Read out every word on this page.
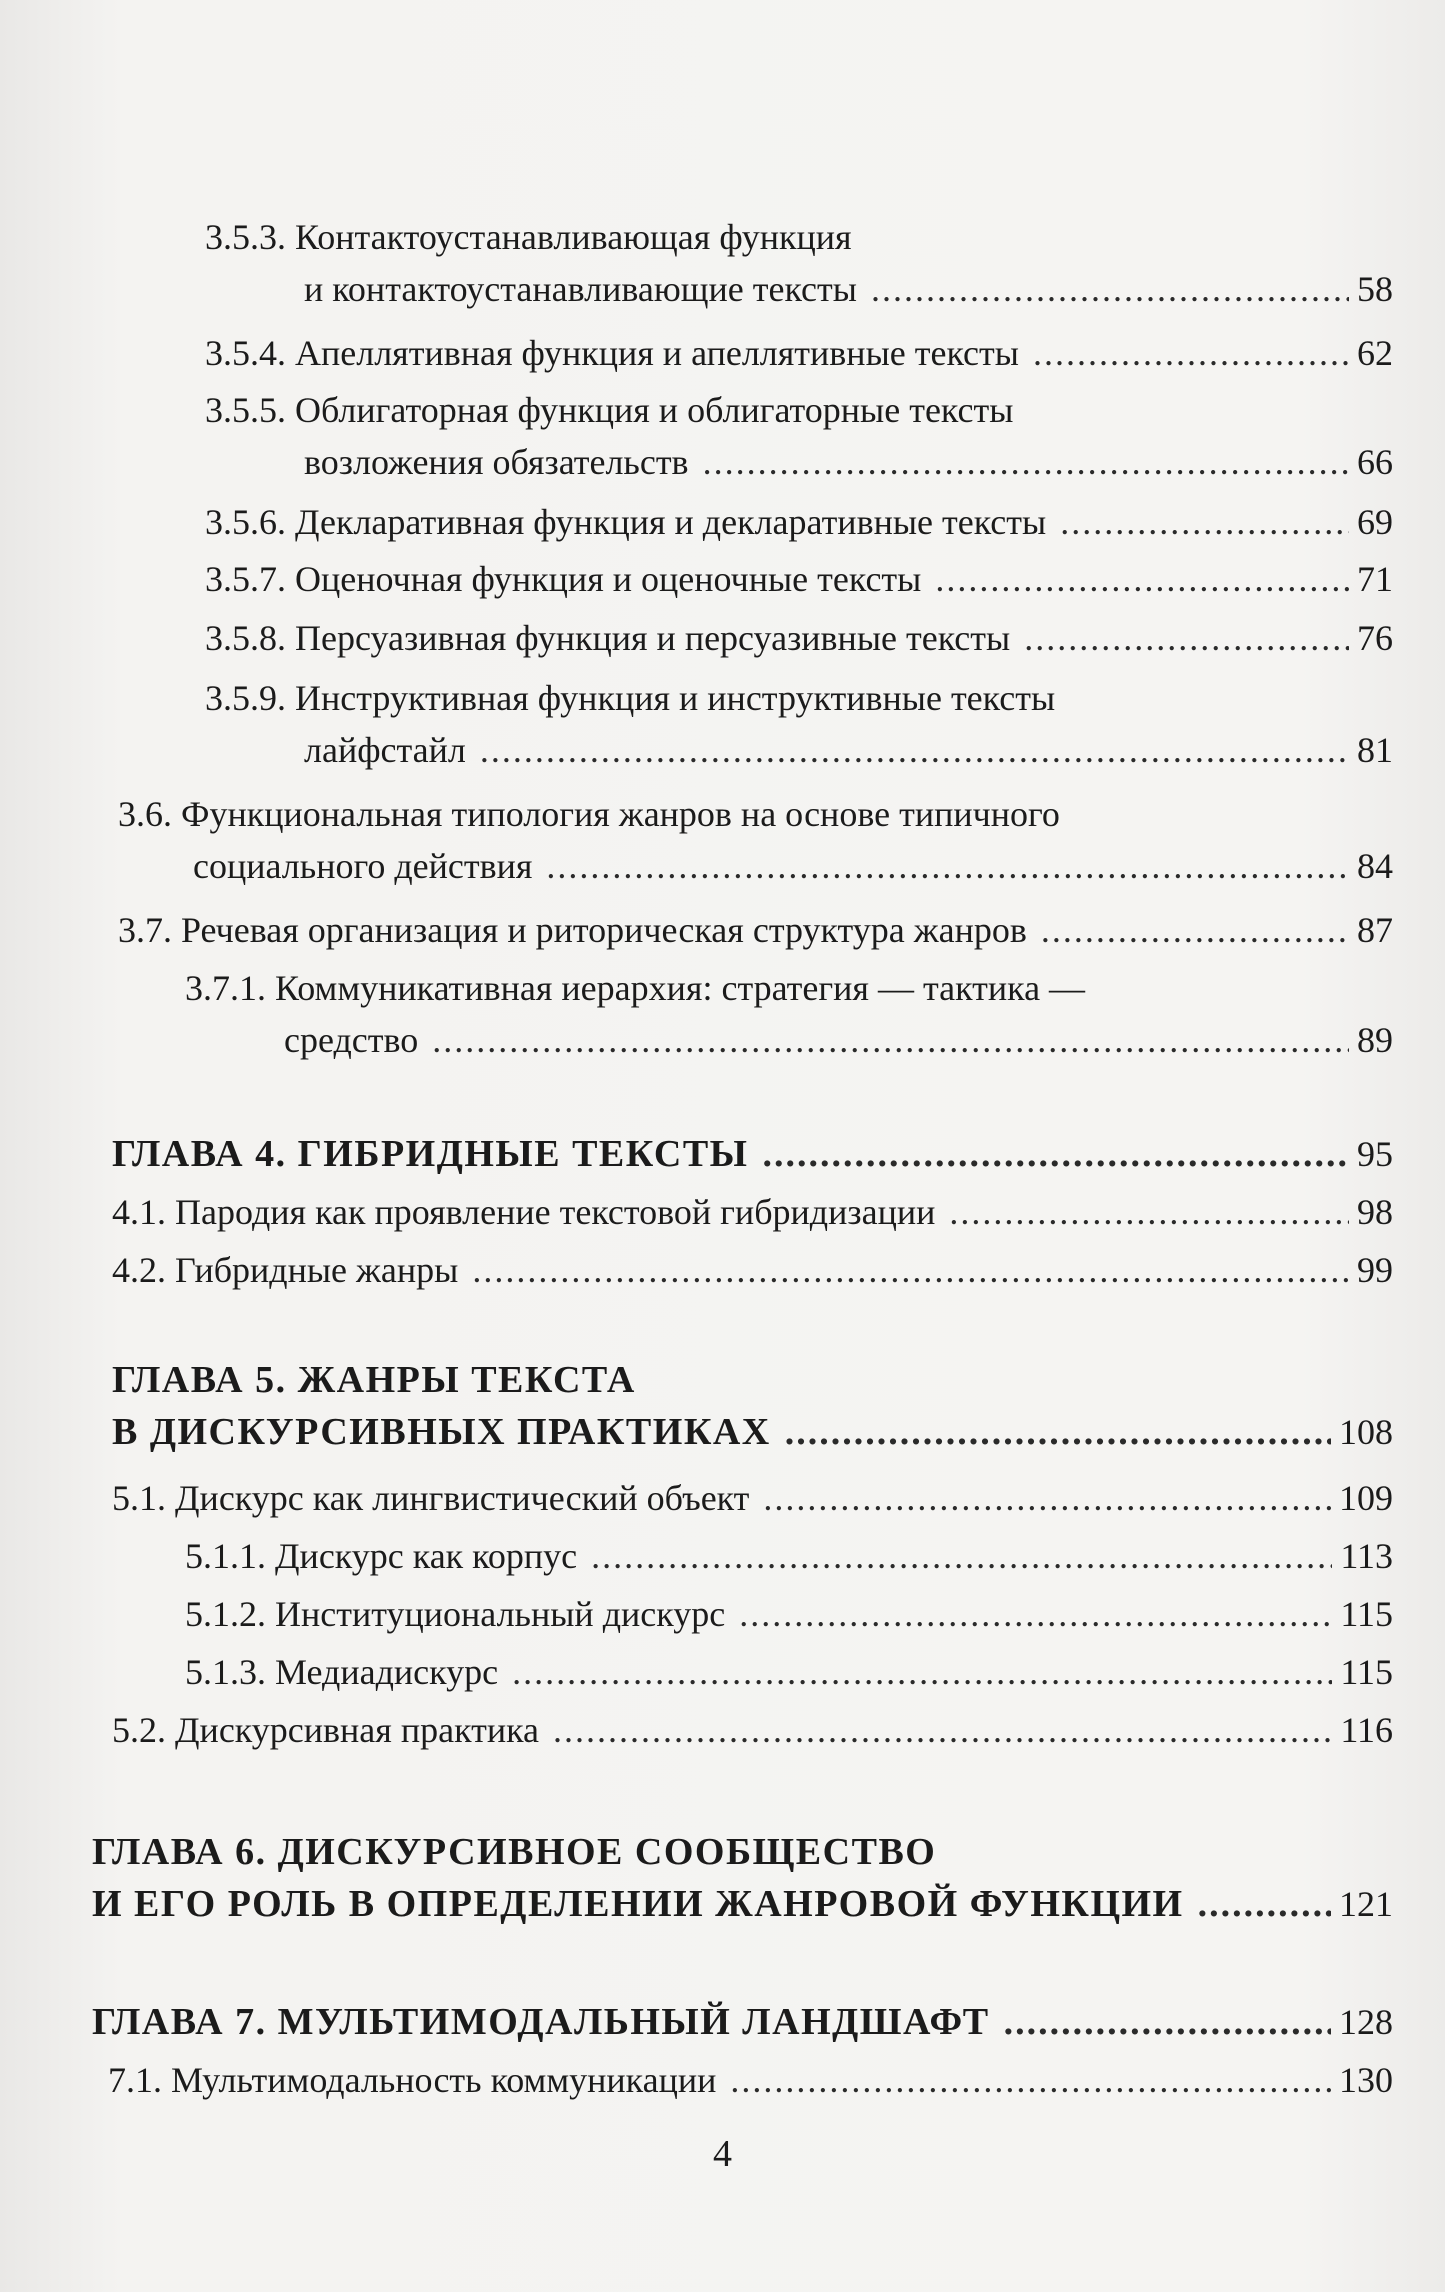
3.5.3. Контактоустанавливающая функция
и контактоустанавливающие тексты .....	58
3.5.4. Апеллятивная функция и апеллятивные тексты .....	62
3.5.5. Облигаторная функция и облигаторные тексты
возложения обязательств .....	66
3.5.6. Декларативная функция и декларативные тексты .....	69
3.5.7. Оценочная функция и оценочные тексты .....	71
3.5.8. Персуазивная функция и персуазивные тексты .....	76
3.5.9. Инструктивная функция и инструктивные тексты
лайфстайл .....	81
3.6. Функциональная типология жанров на основе типичного
социального действия .....	84
3.7. Речевая организация и риторическая структура жанров .....	87
3.7.1. Коммуникативная иерархия: стратегия — тактика —
средство .....	89
ГЛАВА 4. ГИБРИДНЫЕ ТЕКСТЫ .....	95
4.1. Пародия как проявление текстовой гибридизации .....	98
4.2. Гибридные жанры .....	99
ГЛАВА 5. ЖАНРЫ ТЕКСТА
В ДИСКУРСИВНЫХ ПРАКТИКАХ .....	108
5.1. Дискурс как лингвистический объект .....	109
5.1.1. Дискурс как корпус .....	113
5.1.2. Институциональный дискурс .....	115
5.1.3. Медиадискурс .....	115
5.2. Дискурсивная практика .....	116
ГЛАВА 6. ДИСКУРСИВНОЕ СООБЩЕСТВО
И ЕГО РОЛЬ В ОПРЕДЕЛЕНИИ ЖАНРОВОЙ ФУНКЦИИ .....	121
ГЛАВА 7. МУЛЬТИМОДАЛЬНЫЙ ЛАНДШАФТ .....	128
7.1. Мультимодальность коммуникации .....	130
4
